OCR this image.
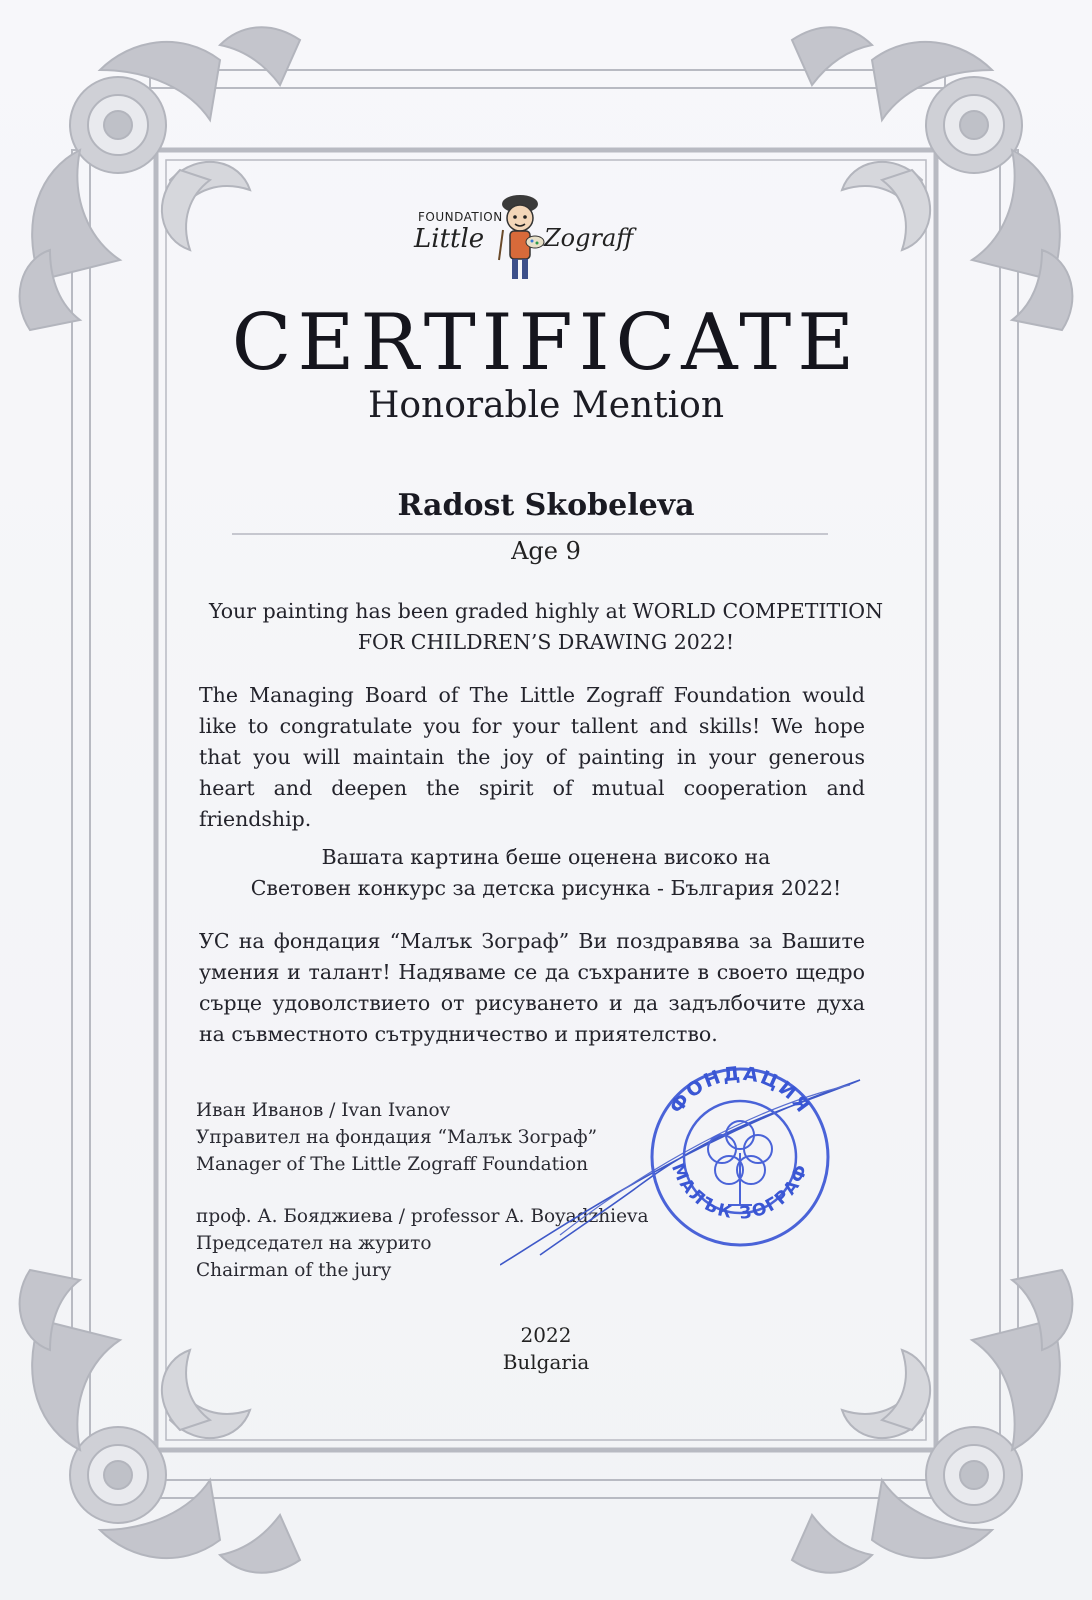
FOUNDATION
Little Zograff
CERTIFICATE
Honorable Mention
Radost Skobeleva
Age 9
Your painting has been graded highly at WORLD COMPETITION
FOR CHILDREN’S DRAWING 2022!
The Managing Board of The Little Zograff Foundation would like to congratulate you for your tallent and skills! We hope that you will maintain the joy of painting in your generous heart and deepen the spirit of mutual cooperation and friendship.
Вашата картина беше оценена високо на
Световен конкурс за детска рисунка - България 2022!
УС на фондация “Малък Зограф” Ви поздравява за Вашите умения и талант! Надяваме се да съхраните в своето щедро сърце удоволствието от рисуването и да задълбочите духа на съвместното сътрудничество и приятелство.
Иван Иванов / Ivan Ivanov
Управител на фондация “Малък Зограф”
Manager of The Little Zograff Foundation
проф. А. Бояджиева / professor A. Boyadzhieva
Председател на журито
Chairman of the jury
ФОНДАЦИЯ
МАЛЪК ЗОГРАФ
2022
Bulgaria
